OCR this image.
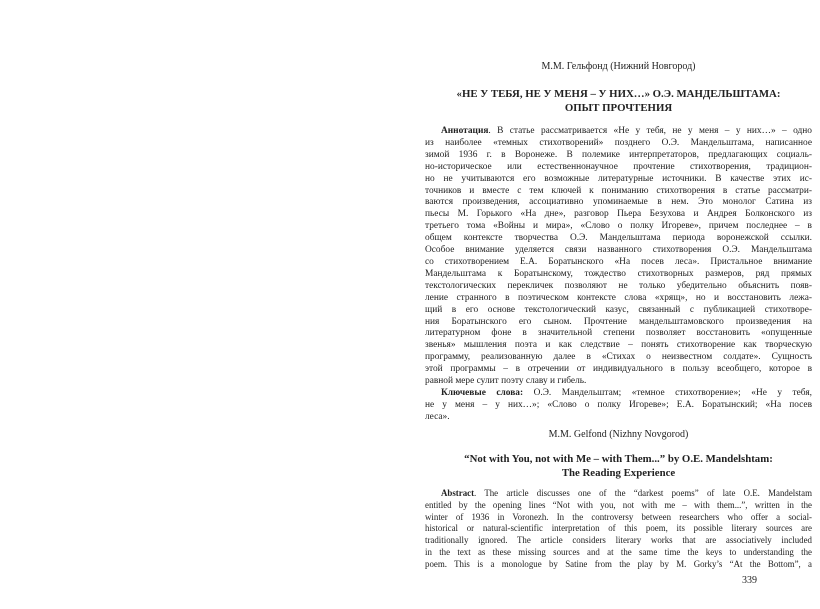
М.М. Гельфонд (Нижний Новгород)
«НЕ У ТЕБЯ, НЕ У МЕНЯ – У НИХ…» О.Э. МАНДЕЛЬШТАМА:
ОПЫТ ПРОЧТЕНИЯ
Аннотация. В статье рассматривается «Не у тебя, не у меня – у них…» – одно
из наиболее «темных стихотворений» позднего О.Э. Мандельштама, написанное
зимой 1936 г. в Воронеже. В полемике интерпретаторов, предлагающих социаль-
но-историческое или естественнонаучное прочтение стихотворения, традицион-
но не учитываются его возможные литературные источники. В качестве этих ис-
точников и вместе с тем ключей к пониманию стихотворения в статье рассматри-
ваются произведения, ассоциативно упоминаемые в нем. Это монолог Сатина из
пьесы М. Горького «На дне», разговор Пьера Безухова и Андрея Болконского из
третьего тома «Войны и мира», «Слово о полку Игореве», причем последнее – в
общем контексте творчества О.Э. Мандельштама периода воронежской ссылки.
Особое внимание уделяется связи названного стихотворения О.Э. Мандельштама
со стихотворением Е.А. Боратынского «На посев леса». Пристальное внимание
Мандельштама к Боратынскому, тождество стихотворных размеров, ряд прямых
текстологических перекличек позволяют не только убедительно объяснить появ-
ление странного в поэтическом контексте слова «хрящ», но и восстановить лежа-
щий в его основе текстологический казус, связанный с публикацией стихотворе-
ния Боратынского его сыном. Прочтение мандельштамовского произведения на
литературном фоне в значительной степени позволяет восстановить «опущенные
звенья» мышления поэта и как следствие – понять стихотворение как творческую
программу, реализованную далее в «Стихах о неизвестном солдате». Сущность
этой программы – в отречении от индивидуального в пользу всеобщего, которое в
равной мере сулит поэту славу и гибель.
Ключевые слова: О.Э. Мандельштам; «темное стихотворение»; «Не у тебя,
не у меня – у них…»; «Слово о полку Игореве»; Е.А. Боратынский; «На посев
леса».
M.M. Gelfond (Nizhny Novgorod)
“Not with You, not with Me – with Them...” by O.E. Mandelshtam:
The Reading Experience
Abstract. The article discusses one of the “darkest poems” of late O.E. Mandelstam
entitled by the opening lines “Not with you, not with me – with them...”, written in the
winter of 1936 in Voronezh. In the controversy between researchers who offer a social-
historical or natural-scientific interpretation of this poem, its possible literary sources are
traditionally ignored. The article considers literary works that are associatively included
in the text as these missing sources and at the same time the keys to understanding the
poem. This is a monologue by Satine from the play by M. Gorky’s “At the Bottom”, a
339
